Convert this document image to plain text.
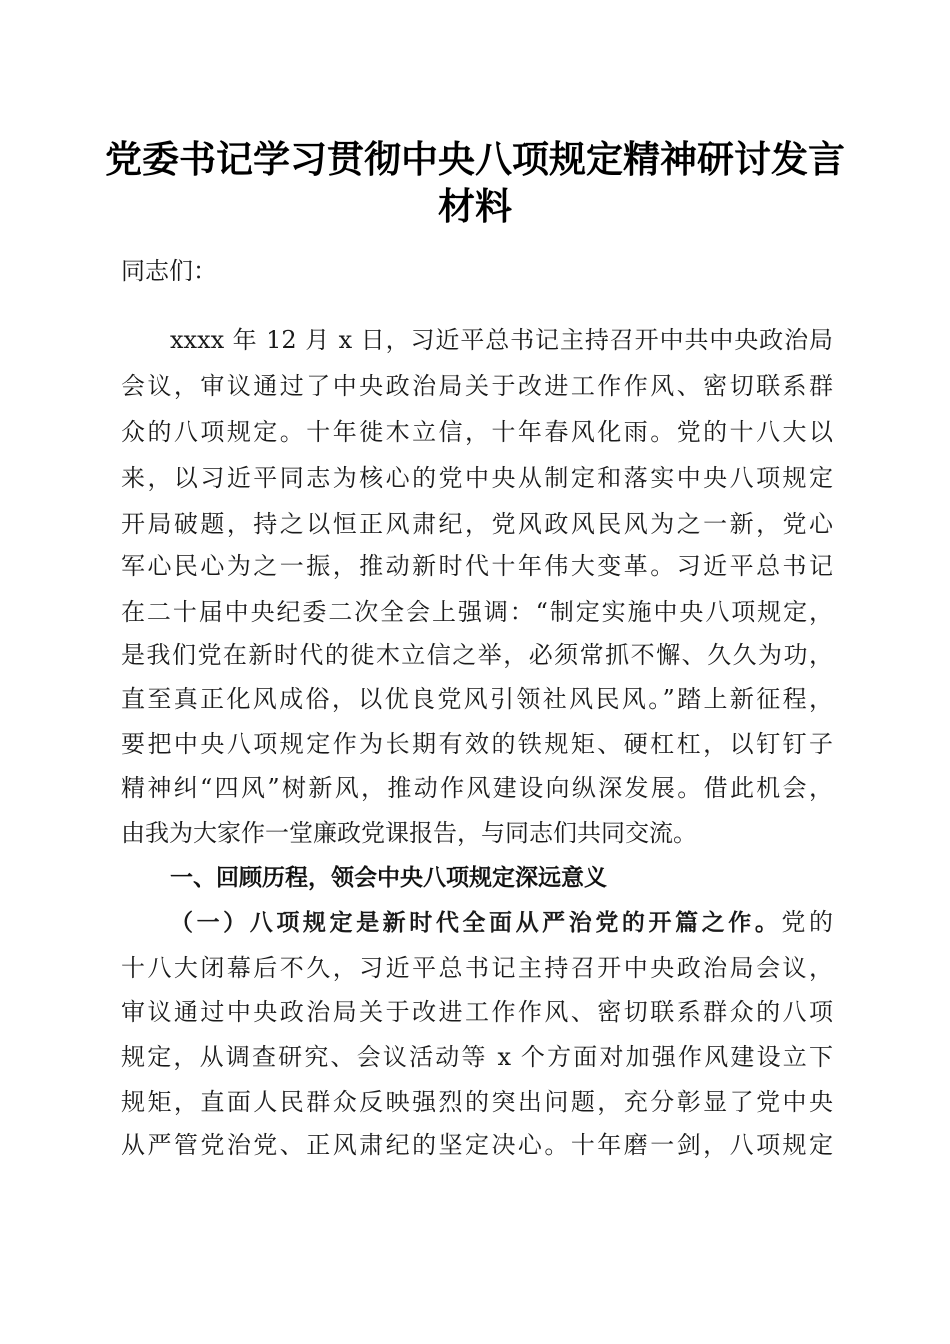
党委书记学习贯彻中央八项规定精神研讨发言
材料
同志们：
xxxx 年 12 月 x 日，习近平总书记主持召开中共中央政治局
会议，审议通过了中央政治局关于改进工作作风、密切联系群
众的八项规定。十年徙木立信，十年春风化雨。党的十八大以
来，以习近平同志为核心的党中央从制定和落实中央八项规定
开局破题，持之以恒正风肃纪，党风政风民风为之一新，党心
军心民心为之一振，推动新时代十年伟大变革。习近平总书记
在二十届中央纪委二次全会上强调：“制定实施中央八项规定，
是我们党在新时代的徙木立信之举，必须常抓不懈、久久为功，
直至真正化风成俗，以优良党风引领社风民风。”踏上新征程，
要把中央八项规定作为长期有效的铁规矩、硬杠杠，以钉钉子
精神纠“四风”树新风，推动作风建设向纵深发展。借此机会，
由我为大家作一堂廉政党课报告，与同志们共同交流。
一、回顾历程，领会中央八项规定深远意义
（一）八项规定是新时代全面从严治党的开篇之作。党的
十八大闭幕后不久，习近平总书记主持召开中央政治局会议，
审议通过中央政治局关于改进工作作风、密切联系群众的八项
规定，从调查研究、会议活动等 x 个方面对加强作风建设立下
规矩，直面人民群众反映强烈的突出问题，充分彰显了党中央
从严管党治党、正风肃纪的坚定决心。十年磨一剑，八项规定
